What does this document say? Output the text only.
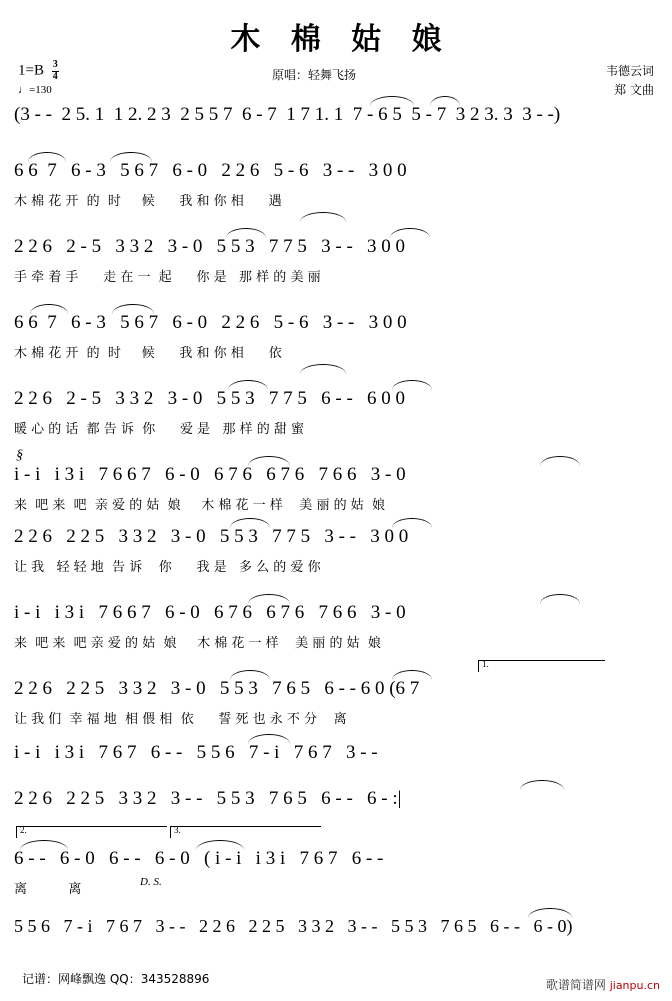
木 棉 姑 娘
$1=B \frac{3}{4}$
♩=130
原唱：轻舞飞扬	韦德云词
郑 文曲
(3 - -  2 5. 1  1 2. 2 3  2 5 5 7  6 - 7  1 7 1. 1  7 - 6 5  5 - 7  3 2 3. 3  3 - -)
6 6  7   6 - 3   5 6 7   6 - 0   2 2 6   5 - 6   3 - -   3 0 0
木 棉 花 开  的  时     候      我 和 你 相      遇
2 2 6   2 - 5   3 3 2   3 - 0   5 5 3   7 7 5   3 - -   3 0 0
手 牵 着 手      走 在 一  起      你 是   那 样 的 美 丽
6 6  7   6 - 3   5 6 7   6 - 0   2 2 6   5 - 6   3 - -   3 0 0
木 棉 花 开  的  时     候      我 和 你 相      依
2 2 6   2 - 5   3 3 2   3 - 0   5 5 3   7 7 5   6 - -   6 0 0
暖 心 的 话  都 告 诉  你      爱 是   那 样 的 甜 蜜
§
i - i   i 3 i   7 6 6 7   6 - 0   6 7 6   6 7 6   7 6 6   3 - 0
来  吧 来  吧  亲 爱 的 姑  娘     木 棉 花 一 样    美 丽 的 姑  娘
2 2 6   2 2 5   3 3 2   3 - 0   5 5 3   7 7 5   3 - -   3 0 0
让 我   轻 轻 地  告 诉    你      我 是   多 么 的 爱 你
i - i   i 3 i   7 6 6 7   6 - 0   6 7 6   6 7 6   7 6 6   3 - 0
来  吧 来  吧 亲 爱 的 姑  娘     木 棉 花 一 样    美 丽 的 姑  娘
1.
2 2 6   2 2 5   3 3 2   3 - 0   5 5 3   7 6 5   6 - - 6 0 (6 7
让 我 们  幸 福 地  相 偎 相  依      誓 死 也 永 不 分    离
i - i   i 3 i   7 6 7   6 - -   5 5 6   7 - i   7 6 7   3 - -
2 2 6   2 2 5   3 3 2   3 - -   5 5 3   7 6 5   6 - -   6 - :|
2.	3.
6 - -   6 - 0   6 - -   6 - 0   ( i - i   i 3 i   7 6 7   6 - -
离          离	D. S.
5 5 6   7 - i   7 6 7   3 - -   2 2 6   2 2 5   3 3 2   3 - -   5 5 3   7 6 5   6 - -   6 - 0)
记谱：网峰飘逸 QQ：343528896	歌谱简谱网 jianpu.cn
